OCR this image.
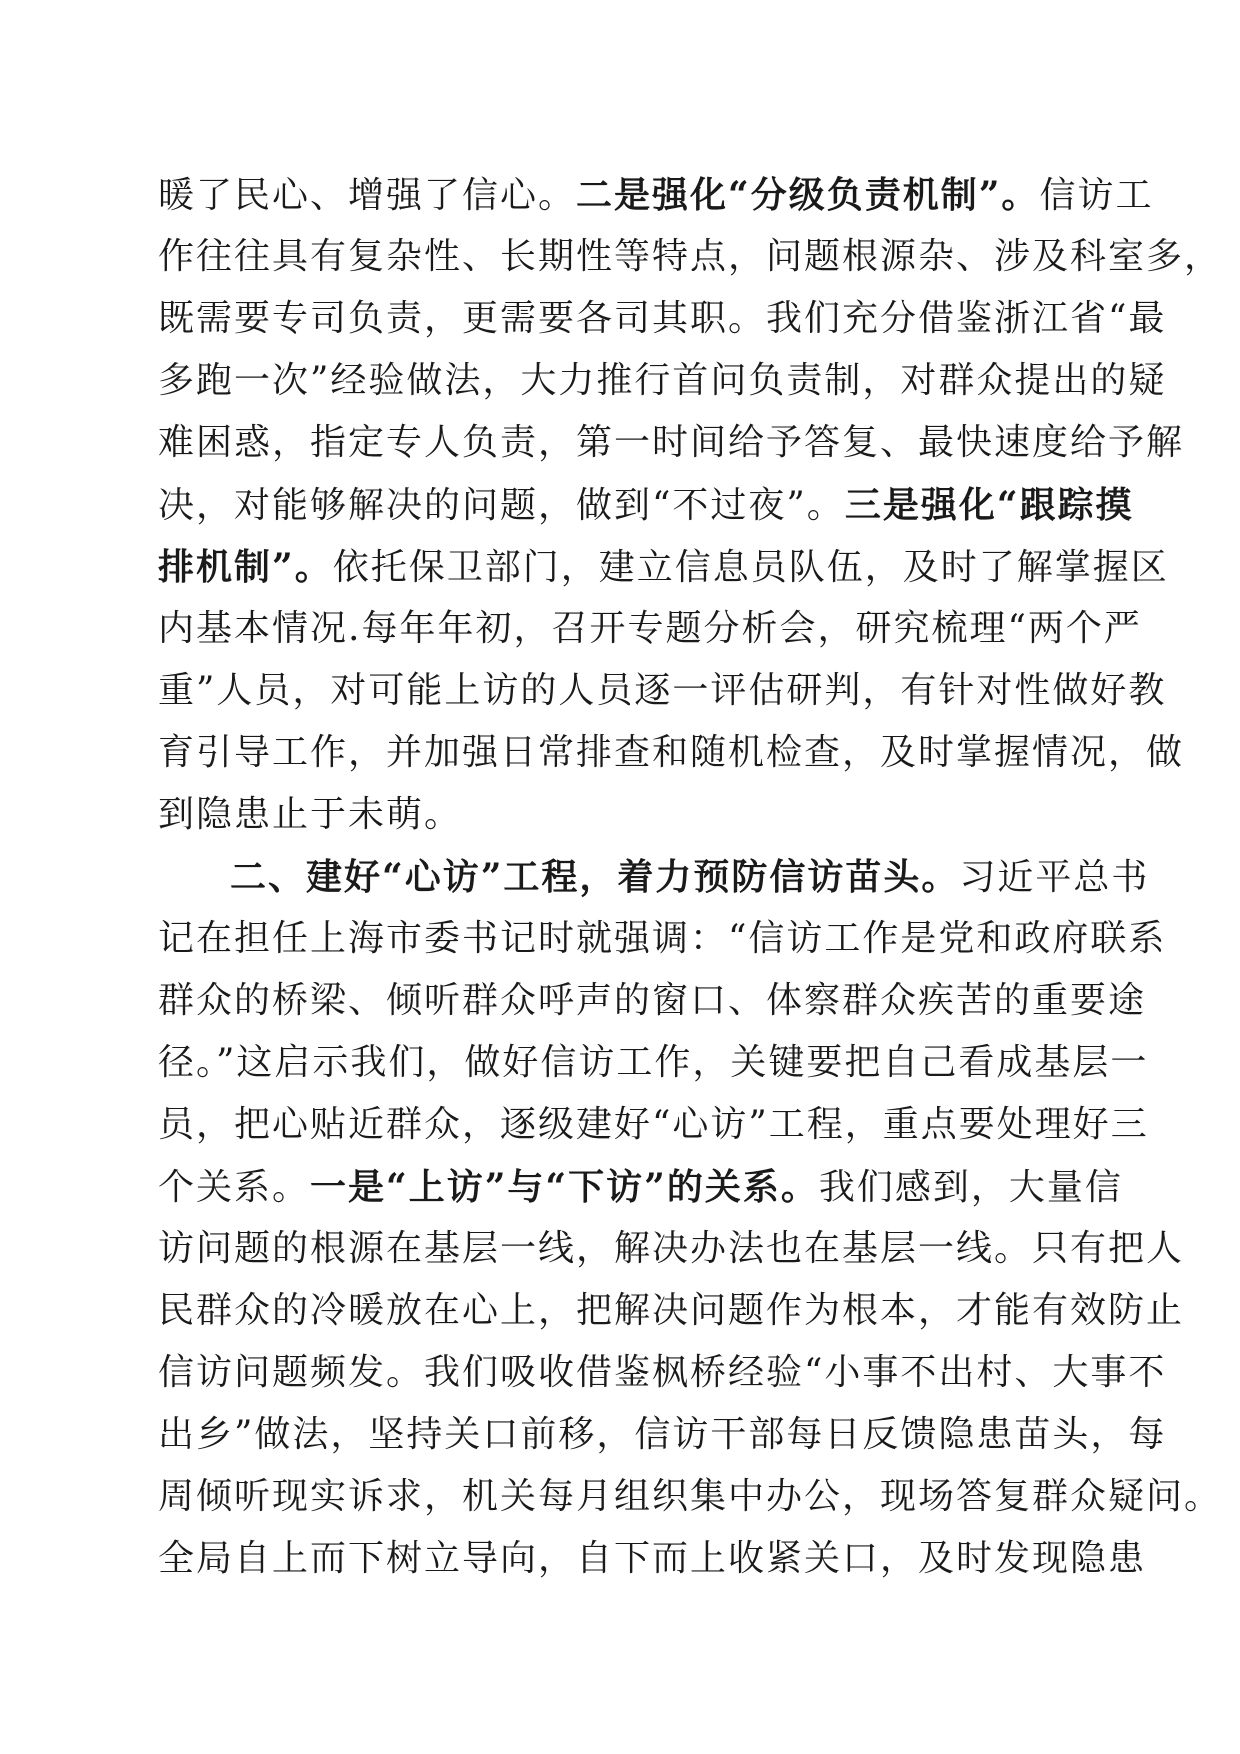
暖了民心、增强了信心。二是强化“分级负责机制”。信访工
作往往具有复杂性、长期性等特点，问题根源杂、涉及科室多，
既需要专司负责，更需要各司其职。我们充分借鉴浙江省“最
多跑一次”经验做法，大力推行首问负责制，对群众提出的疑
难困惑，指定专人负责，第一时间给予答复、最快速度给予解
决，对能够解决的问题，做到“不过夜”。三是强化“跟踪摸
排机制”。依托保卫部门，建立信息员队伍，及时了解掌握区
内基本情况.每年年初，召开专题分析会，研究梳理“两个严
重”人员，对可能上访的人员逐一评估研判，有针对性做好教
育引导工作，并加强日常排查和随机检查，及时掌握情况，做
到隐患止于未萌。
二、建好“心访”工程，着力预防信访苗头。习近平总书
记在担任上海市委书记时就强调：“信访工作是党和政府联系
群众的桥梁、倾听群众呼声的窗口、体察群众疾苦的重要途
径。”这启示我们，做好信访工作，关键要把自己看成基层一
员，把心贴近群众，逐级建好“心访”工程，重点要处理好三
个关系。一是“上访”与“下访”的关系。我们感到，大量信
访问题的根源在基层一线，解决办法也在基层一线。只有把人
民群众的冷暖放在心上，把解决问题作为根本，才能有效防止
信访问题频发。我们吸收借鉴枫桥经验“小事不出村、大事不
出乡”做法，坚持关口前移，信访干部每日反馈隐患苗头，每
周倾听现实诉求，机关每月组织集中办公，现场答复群众疑问。
全局自上而下树立导向，自下而上收紧关口，及时发现隐患
